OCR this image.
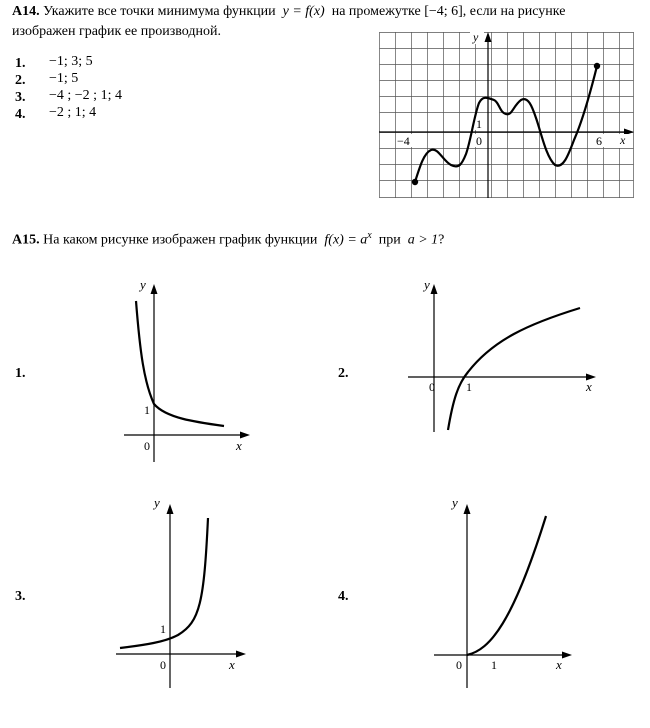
A14. Укажите все точки минимума функции y = f(x) на промежутке [−4; 6], если на рисунке
изображен график ее производной.
1. −1; 3; 5
2. −1; 5
3. −4 ; −2 ; 1; 4
4. −2 ; 1; 4
y
x
−4	0
1
6
A15. На каком рисунке изображен график функции $f(x) = a^x$ при a > 1?
1.	2.
3.	4.
y
x
0
1
y
x
0	1
y
x
0
1
y
x
0 1
